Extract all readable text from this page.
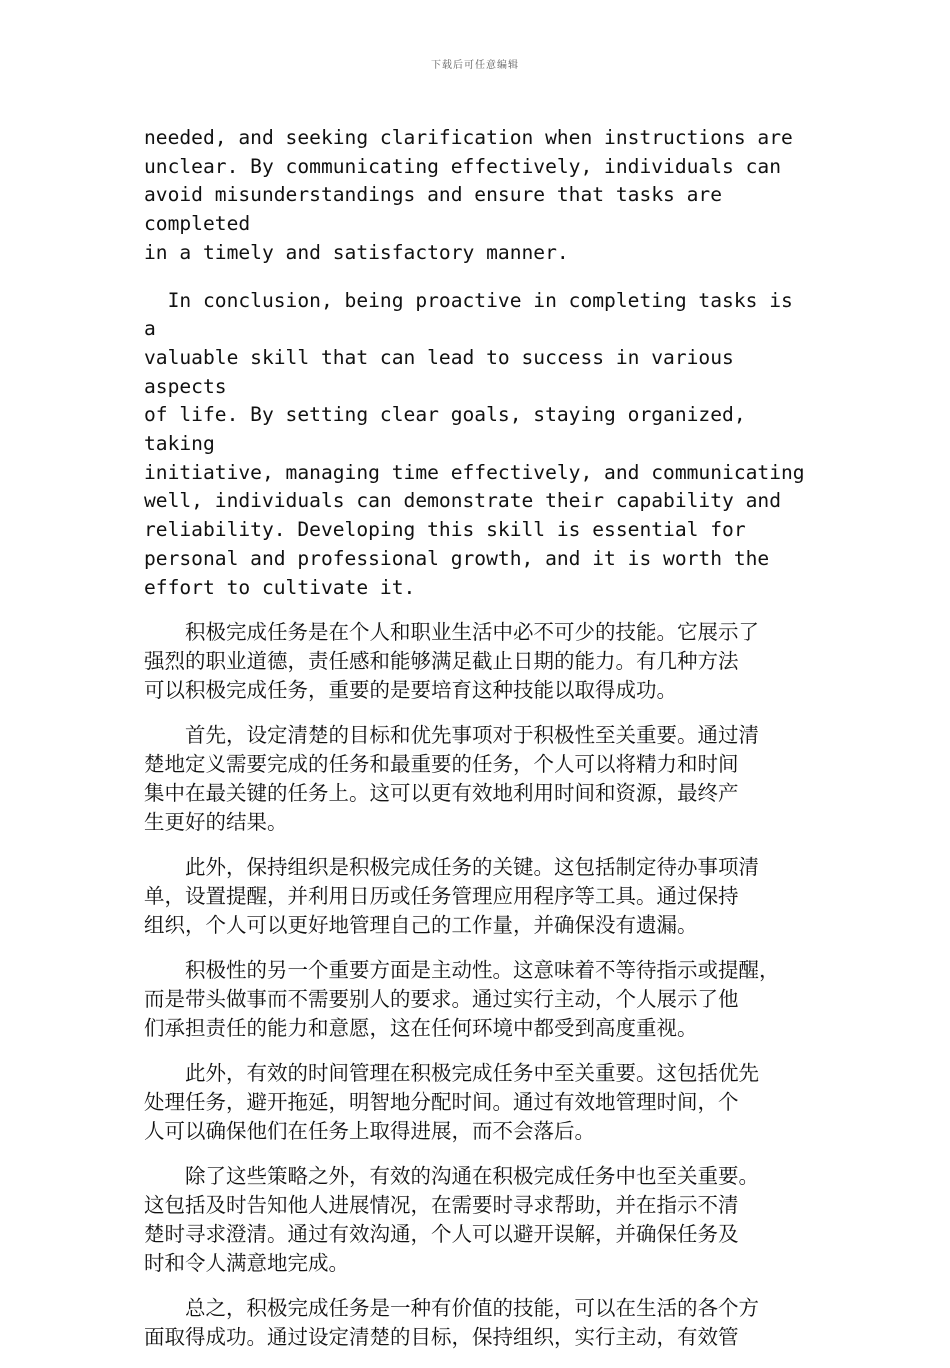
下载后可任意编辑

needed, and seeking clarification when instructions are
unclear. By communicating effectively, individuals can
avoid misunderstandings and ensure that tasks are completed
in a timely and satisfactory manner.

In conclusion, being proactive in completing tasks is a
valuable skill that can lead to success in various aspects
of life. By setting clear goals, staying organized, taking
initiative, managing time effectively, and communicating
well, individuals can demonstrate their capability and
reliability. Developing this skill is essential for
personal and professional growth, and it is worth the
effort to cultivate it.

积极完成任务是在个人和职业生活中必不可少的技能。它展示了
强烈的职业道德，责任感和能够满足截止日期的能力。有几种方法
可以积极完成任务，重要的是要培育这种技能以取得成功。

首先，设定清楚的目标和优先事项对于积极性至关重要。通过清
楚地定义需要完成的任务和最重要的任务，个人可以将精力和时间
集中在最关键的任务上。这可以更有效地利用时间和资源，最终产
生更好的结果。

此外，保持组织是积极完成任务的关键。这包括制定待办事项清
单，设置提醒，并利用日历或任务管理应用程序等工具。通过保持
组织，个人可以更好地管理自己的工作量，并确保没有遗漏。

积极性的另一个重要方面是主动性。这意味着不等待指示或提醒，
而是带头做事而不需要别人的要求。通过实行主动，个人展示了他
们承担责任的能力和意愿，这在任何环境中都受到高度重视。

此外，有效的时间管理在积极完成任务中至关重要。这包括优先
处理任务，避开拖延，明智地分配时间。通过有效地管理时间，个
人可以确保他们在任务上取得进展，而不会落后。

除了这些策略之外，有效的沟通在积极完成任务中也至关重要。
这包括及时告知他人进展情况，在需要时寻求帮助，并在指示不清
楚时寻求澄清。通过有效沟通，个人可以避开误解，并确保任务及
时和令人满意地完成。

总之，积极完成任务是一种有价值的技能，可以在生活的各个方
面取得成功。通过设定清楚的目标，保持组织，实行主动，有效管
